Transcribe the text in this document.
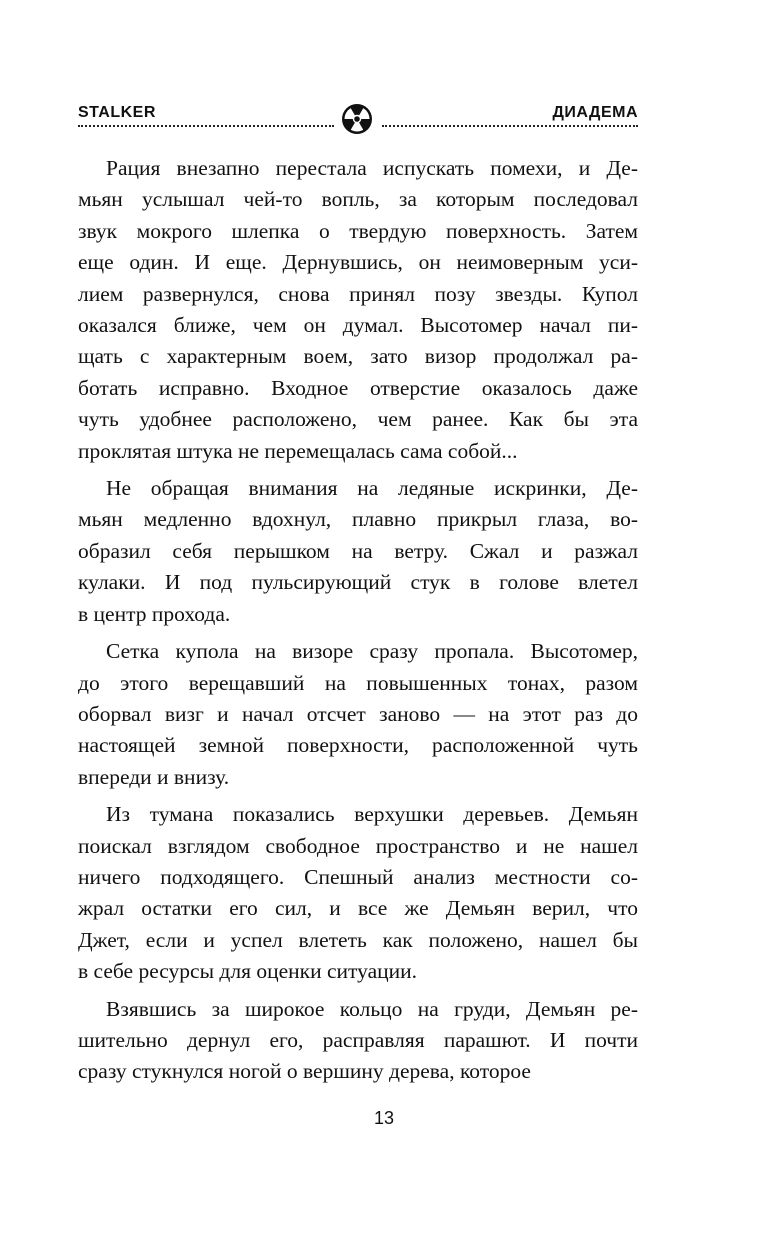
STALKER	ДИАДЕМА

Рация внезапно перестала испускать помехи, и Де-
мьян услышал чей-то вопль, за которым последовал
звук мокрого шлепка о твердую поверхность. Затем
еще один. И еще. Дернувшись, он неимоверным уси-
лием развернулся, снова принял позу звезды. Купол
оказался ближе, чем он думал. Высотомер начал пи-
щать с характерным воем, зато визор продолжал ра-
ботать исправно. Входное отверстие оказалось даже
чуть удобнее расположено, чем ранее. Как бы эта
проклятая штука не перемещалась сама собой...

Не обращая внимания на ледяные искринки, Де-
мьян медленно вдохнул, плавно прикрыл глаза, во-
образил себя перышком на ветру. Сжал и разжал
кулаки. И под пульсирующий стук в голове влетел
в центр прохода.

Сетка купола на визоре сразу пропала. Высотомер,
до этого верещавший на повышенных тонах, разом
оборвал визг и начал отсчет заново — на этот раз до
настоящей земной поверхности, расположенной чуть
впереди и внизу.

Из тумана показались верхушки деревьев. Демьян
поискал взглядом свободное пространство и не нашел
ничего подходящего. Спешный анализ местности со-
жрал остатки его сил, и все же Демьян верил, что
Джет, если и успел влететь как положено, нашел бы
в себе ресурсы для оценки ситуации.

Взявшись за широкое кольцо на груди, Демьян ре-
шительно дернул его, расправляя парашют. И почти
сразу стукнулся ногой о вершину дерева, которое

13
